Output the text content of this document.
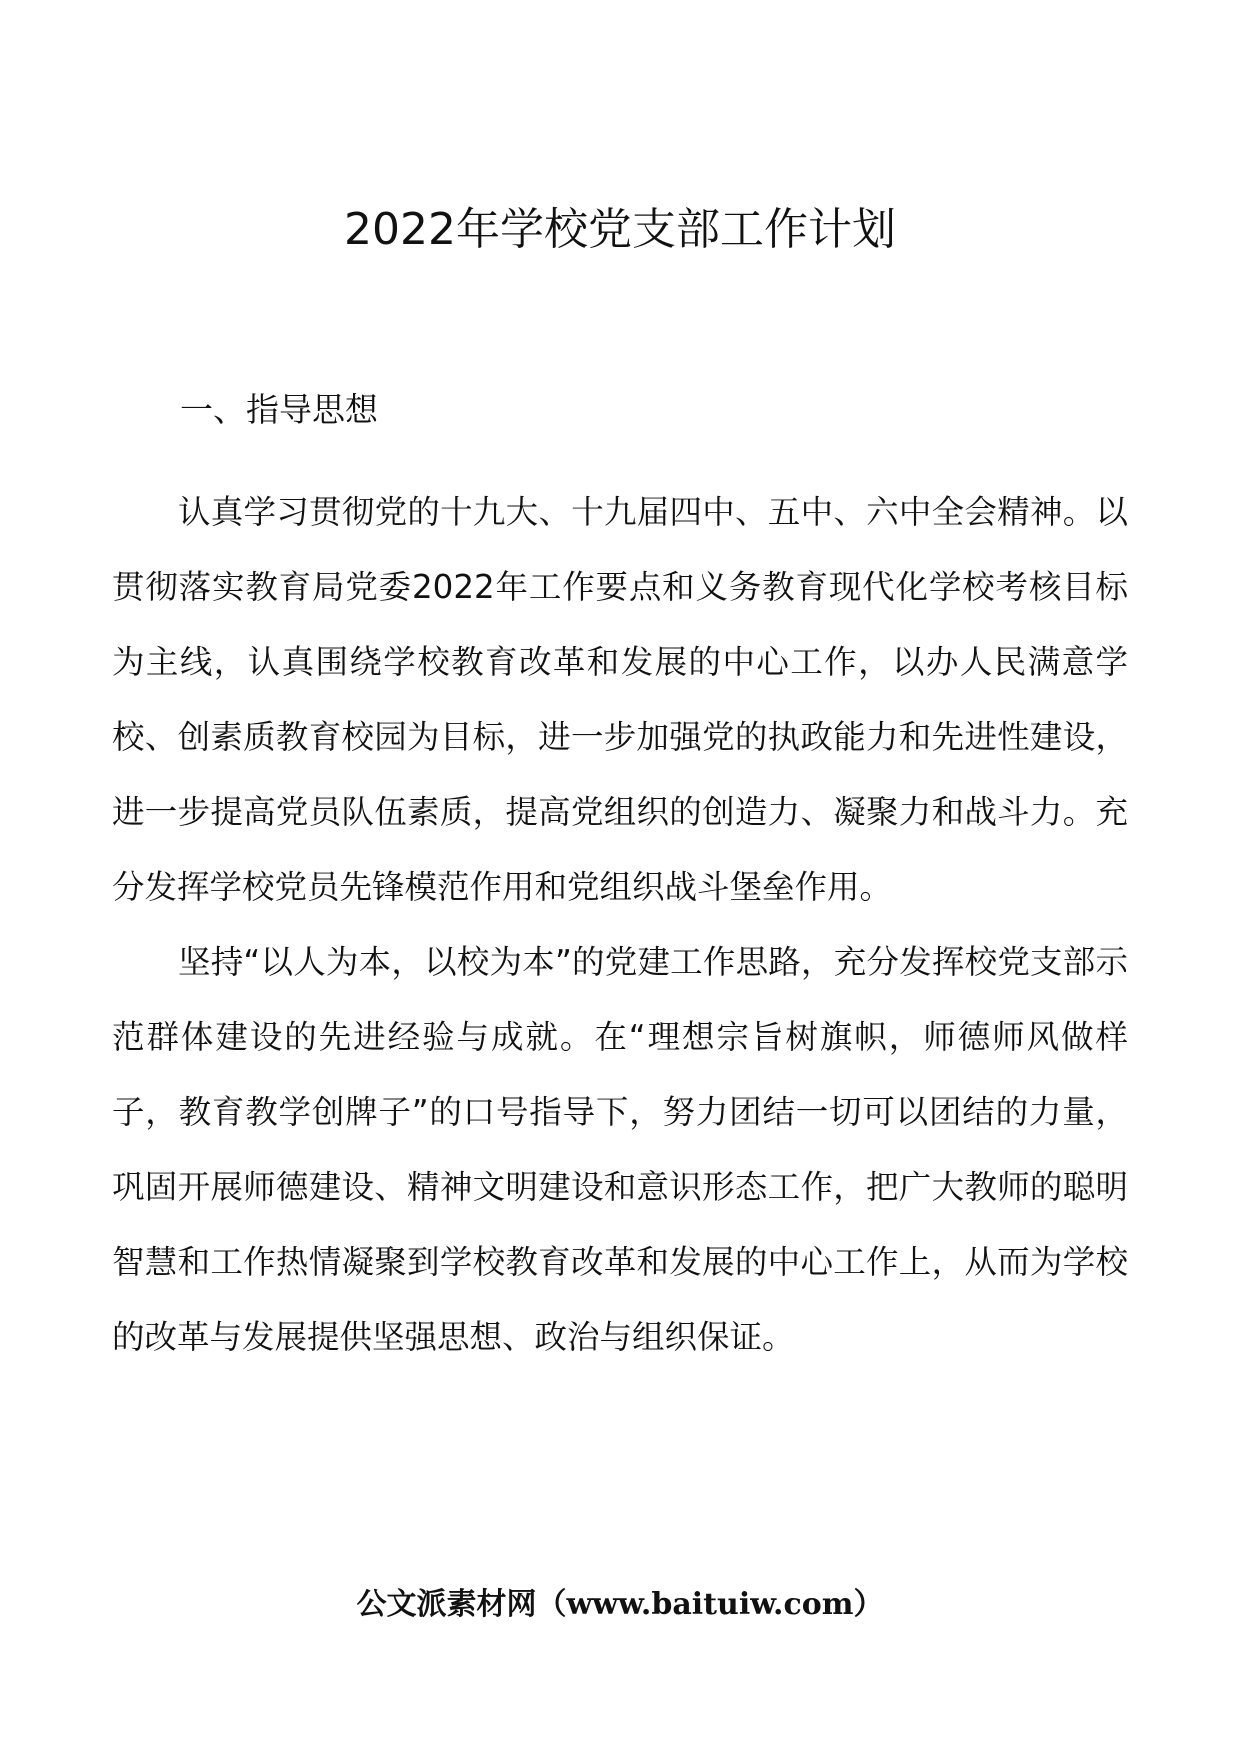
2022年学校党支部工作计划

一、指导思想

认真学习贯彻党的十九大、十九届四中、五中、六中全会精神。以贯彻落实教育局党委2022年工作要点和义务教育现代化学校考核目标为主线，认真围绕学校教育改革和发展的中心工作，以办人民满意学校、创素质教育校园为目标，进一步加强党的执政能力和先进性建设，进一步提高党员队伍素质，提高党组织的创造力、凝聚力和战斗力。充分发挥学校党员先锋模范作用和党组织战斗堡垒作用。

坚持“以人为本，以校为本”的党建工作思路，充分发挥校党支部示范群体建设的先进经验与成就。在“理想宗旨树旗帜，师德师风做样子，教育教学创牌子”的口号指导下，努力团结一切可以团结的力量，巩固开展师德建设、精神文明建设和意识形态工作，把广大教师的聪明智慧和工作热情凝聚到学校教育改革和发展的中心工作上，从而为学校的改革与发展提供坚强思想、政治与组织保证。

公文派素材网（www.baituiw.com）
